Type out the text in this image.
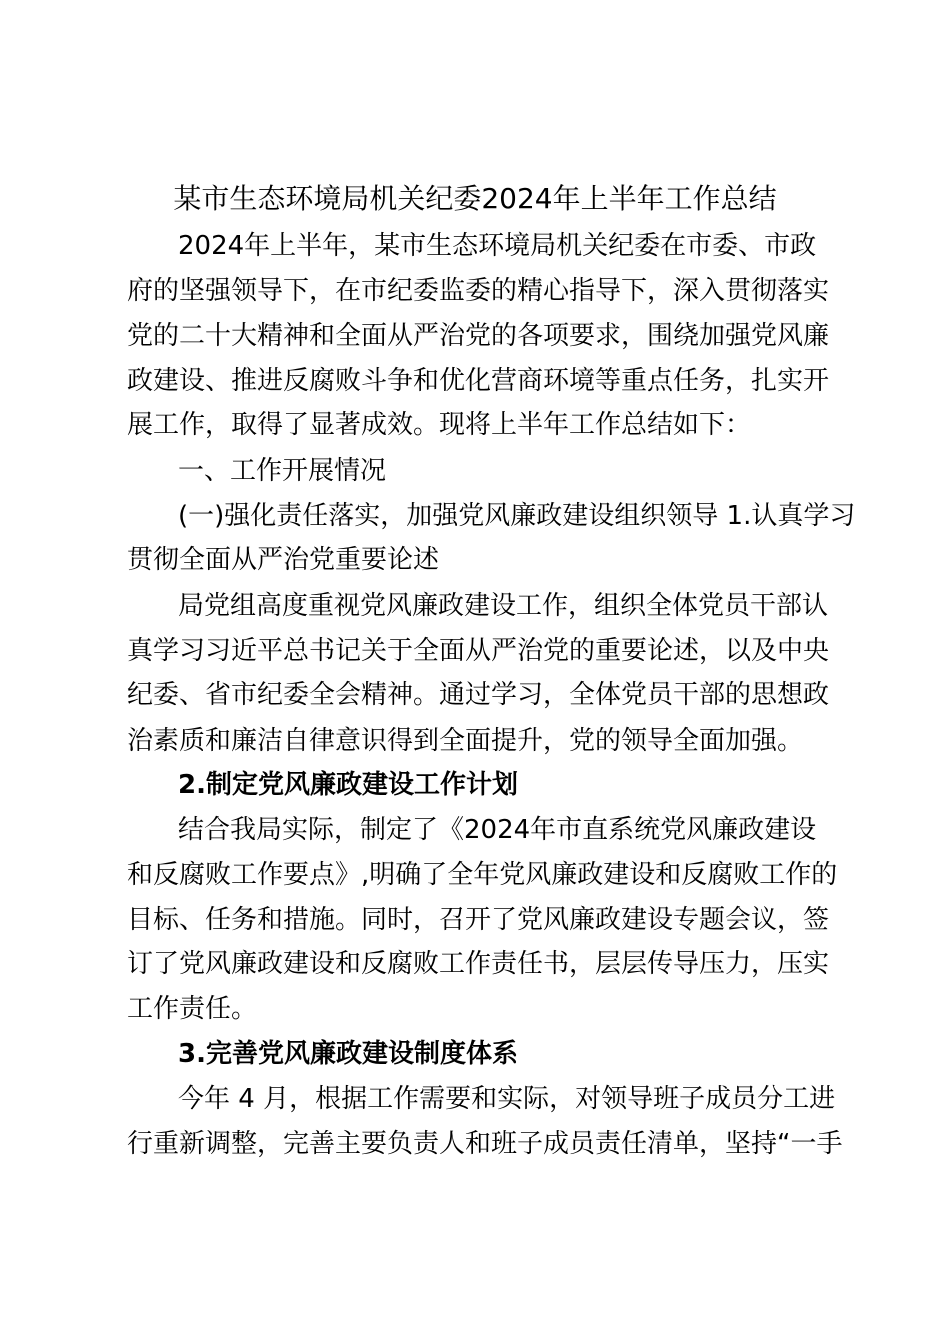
某市生态环境局机关纪委2024年上半年工作总结
2024年上半年，某市生态环境局机关纪委在市委、市政
府的坚强领导下，在市纪委监委的精心指导下，深入贯彻落实
党的二十大精神和全面从严治党的各项要求，围绕加强党风廉
政建设、推进反腐败斗争和优化营商环境等重点任务，扎实开
展工作，取得了显著成效。现将上半年工作总结如下：
一、工作开展情况
(一)强化责任落实，加强党风廉政建设组织领导 1.认真学习
贯彻全面从严治党重要论述
局党组高度重视党风廉政建设工作，组织全体党员干部认
真学习习近平总书记关于全面从严治党的重要论述，以及中央
纪委、省市纪委全会精神。通过学习，全体党员干部的思想政
治素质和廉洁自律意识得到全面提升，党的领导全面加强。
2.制定党风廉政建设工作计划
结合我局实际，制定了《2024年市直系统党风廉政建设
和反腐败工作要点》,明确了全年党风廉政建设和反腐败工作的
目标、任务和措施。同时，召开了党风廉政建设专题会议，签
订了党风廉政建设和反腐败工作责任书，层层传导压力，压实
工作责任。
3.完善党风廉政建设制度体系
今年 4 月，根据工作需要和实际，对领导班子成员分工进
行重新调整，完善主要负责人和班子成员责任清单，坚持“一手
